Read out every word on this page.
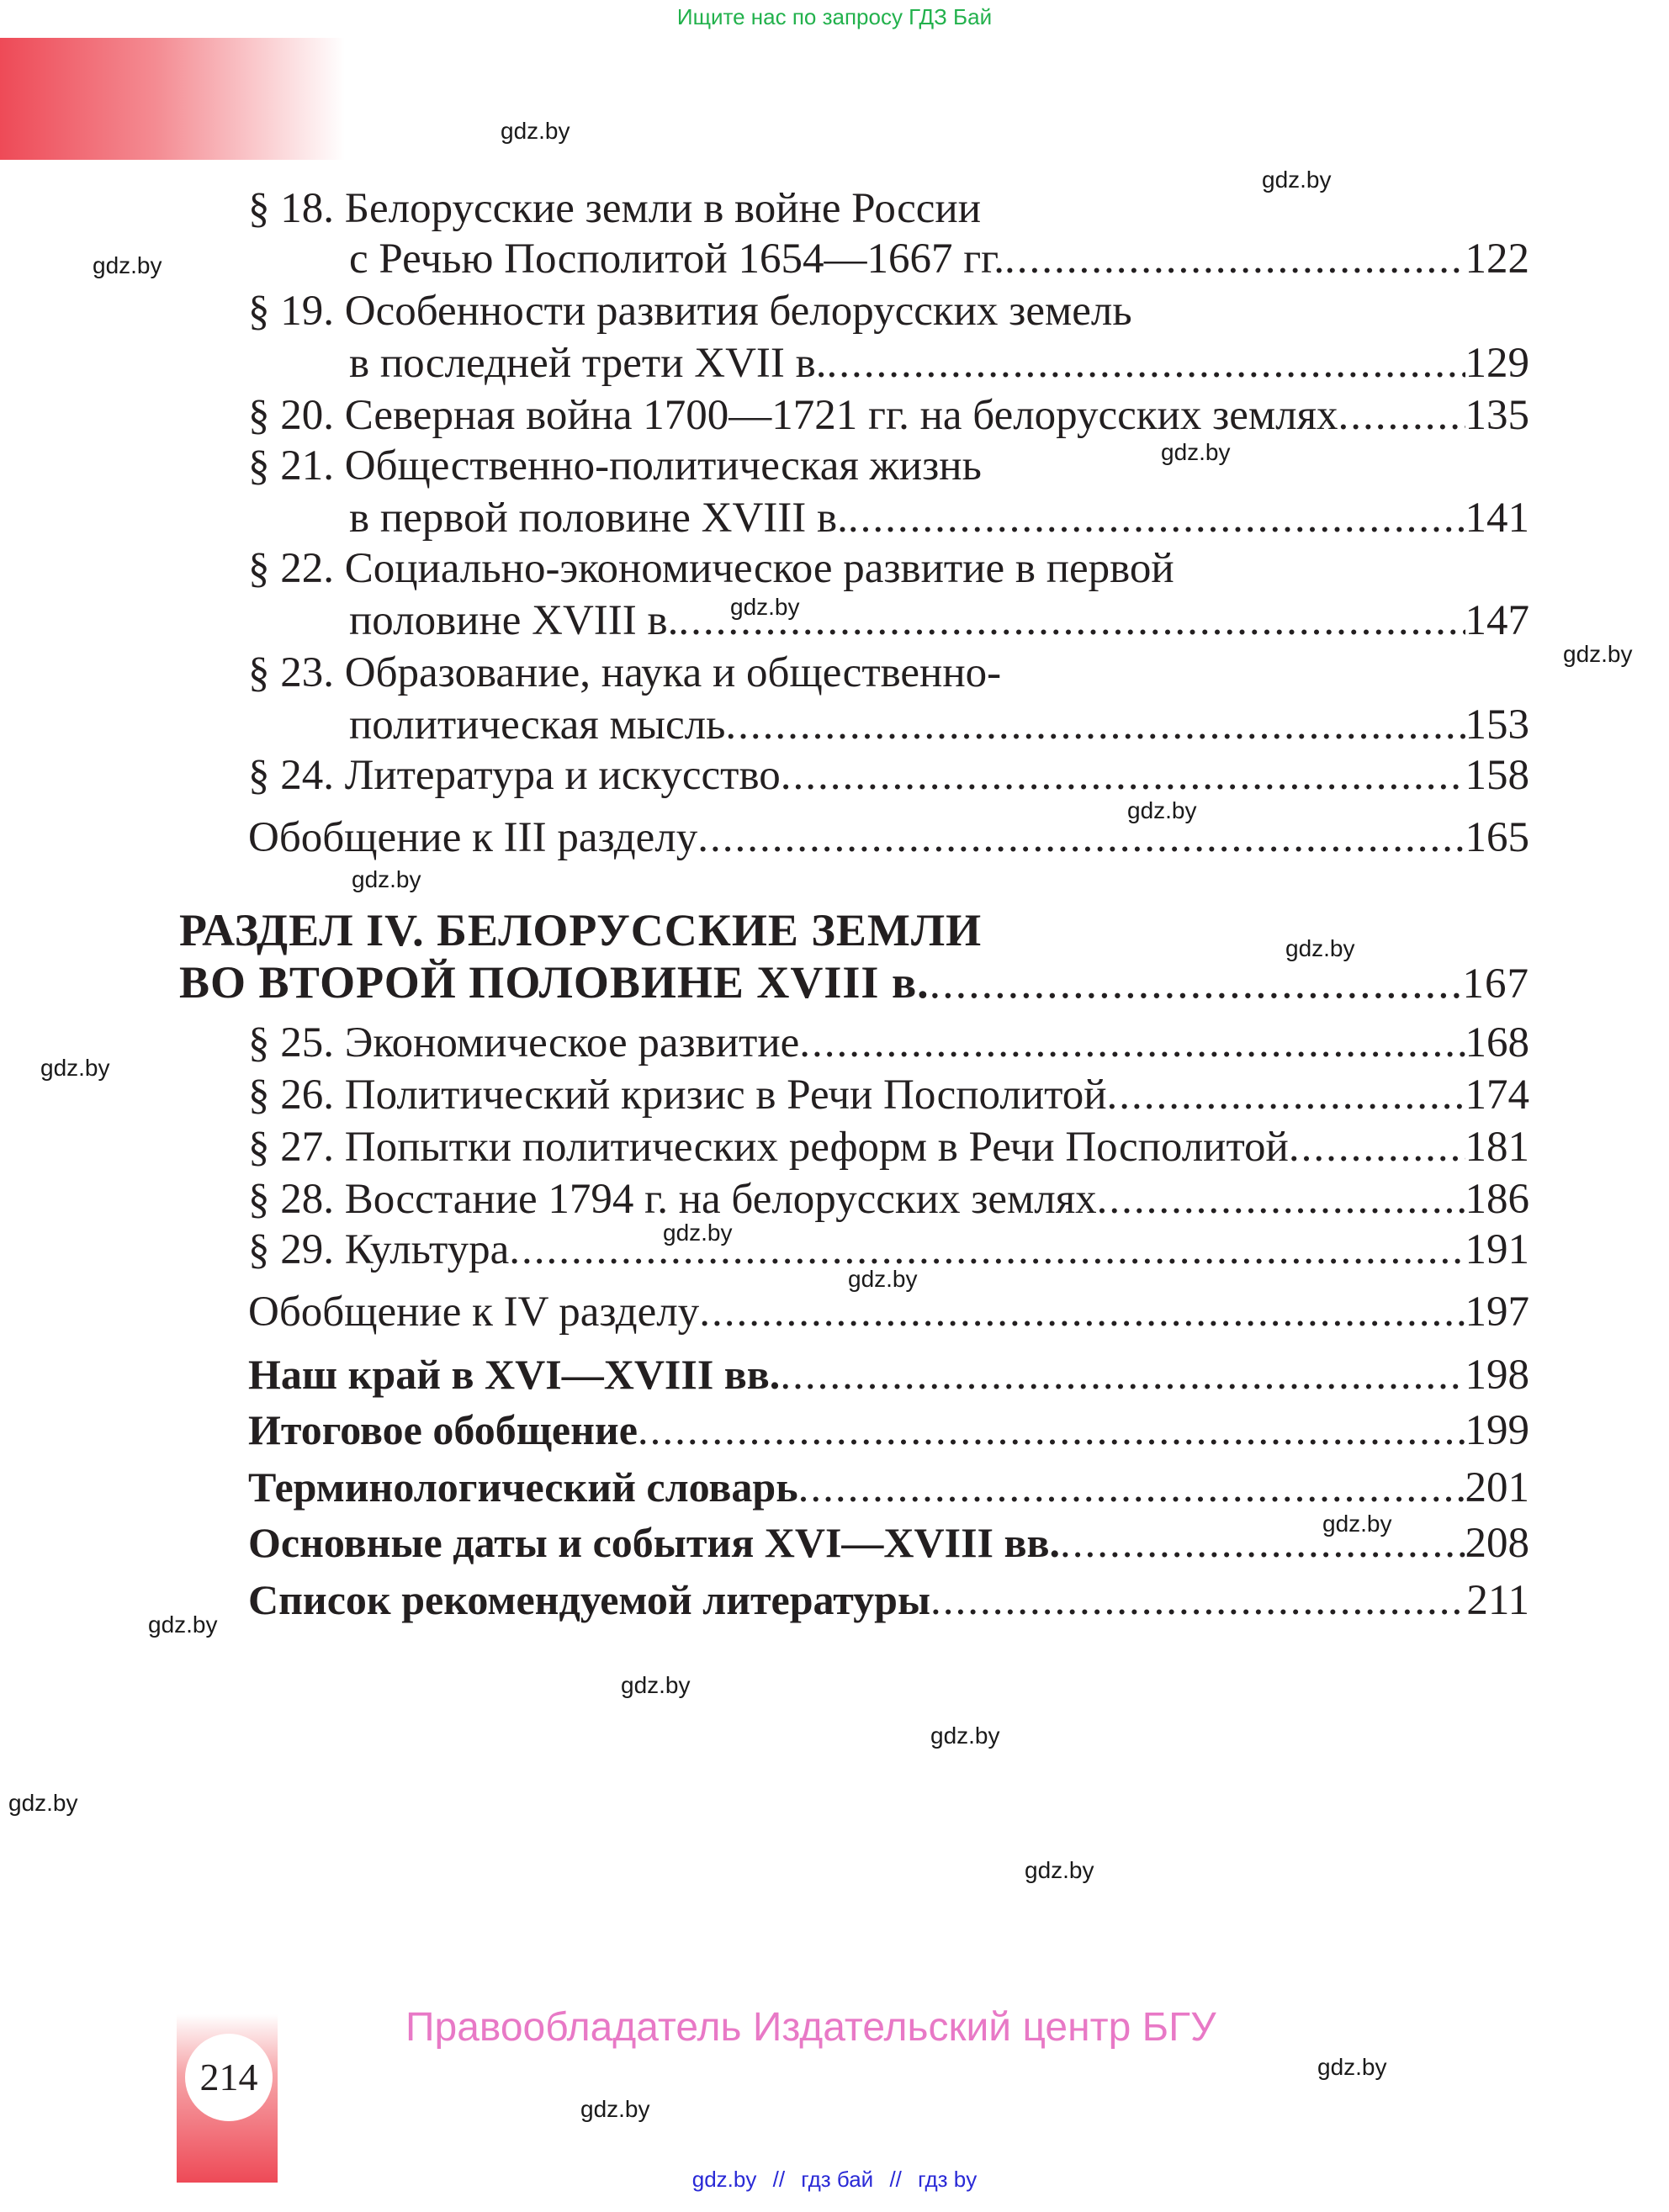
Ищите нас по запросу ГДЗ Бай
gdz.by
gdz.by
gdz.by
gdz.by
gdz.by
gdz.by
gdz.by
gdz.by
gdz.by
gdz.by
gdz.by
gdz.by
gdz.by
gdz.by
gdz.by
gdz.by
gdz.by
gdz.by
gdz.by
gdz.by
§ 18. Белорусские земли в войне России
с Речью Посполитой 1654—1667 гг. .....	122
§ 19. Особенности развития белорусских земель
в последней трети XVII в. .....	129
§ 20. Северная война 1700—1721 гг. на белорусских землях .....	135
§ 21. Общественно-политическая жизнь
в первой половине XVIII в. .....	141
§ 22. Социально-экономическое развитие в первой
половине XVIII в. .....	147
§ 23. Образование, наука и общественно-
политическая мысль .....	153
§ 24. Литература и искусство .....	158
Обобщение к III разделу .....	165
РАЗДЕЛ IV. БЕЛОРУССКИЕ ЗЕМЛИ
ВО ВТОРОЙ ПОЛОВИНЕ XVIII в. .....	167
§ 25. Экономическое развитие .....	168
§ 26. Политический кризис в Речи Посполитой .....	174
§ 27. Попытки политических реформ в Речи Посполитой .....	181
§ 28. Восстание 1794 г. на белорусских землях .....	186
§ 29. Культура .....	191
Обобщение к IV разделу .....	197
Наш край в XVI—XVIII вв. .....	198
Итоговое обобщение .....	199
Терминологический словарь .....	201
Основные даты и события XVI—XVIII вв. .....	208
Список рекомендуемой литературы .....	211
214
Правообладатель Издательский центр БГУ
gdz.by // гдз бай // гдз by
